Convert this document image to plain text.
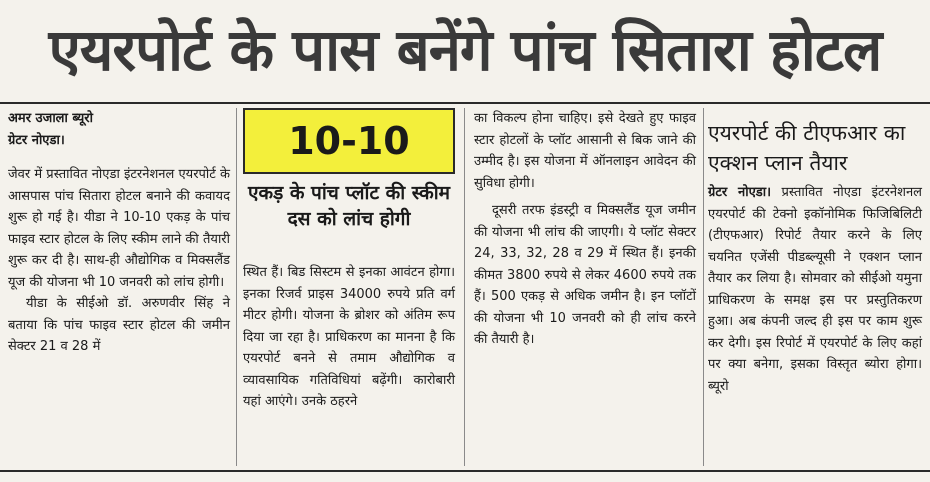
एयरपोर्ट के पास बनेंगे पांच सितारा होटल
अमर उजाला ब्यूरो
ग्रेटर नोएडा।

जेवर में प्रस्तावित नोएडा इंटरनेशनल एयरपोर्ट के आसपास पांच सितारा होटल बनाने की कवायद शुरू हो गई है। यीडा ने 10-10 एकड़ के पांच फाइव स्टार होटल के लिए स्कीम लाने की तैयारी शुरू कर दी है। साथ-ही औद्योगिक व मिक्सलैंड यूज की योजना भी 10 जनवरी को लांच होगी।

यीडा के सीईओ डॉ. अरुणवीर सिंह ने बताया कि पांच फाइव स्टार होटल की जमीन सेक्टर 21 व 28 में

10-10
एकड़ के पांच प्लॉट की स्कीम दस को लांच होगी

स्थित हैं। बिड सिस्टम से इनका आवंटन होगा। इनका रिजर्व प्राइस 34000 रुपये प्रति वर्ग मीटर होगी। योजना के ब्रोशर को अंतिम रूप दिया जा रहा है। प्राधिकरण का मानना है कि एयरपोर्ट बनने से तमाम औद्योगिक व व्यावसायिक गतिविधियां बढ़ेंगी। कारोबारी यहां आएंगे। उनके ठहरने

का विकल्प होना चाहिए। इसे देखते हुए फाइव स्टार होटलों के प्लॉट आसानी से बिक जाने की उम्मीद है। इस योजना में ऑनलाइन आवेदन की सुविधा होगी।

दूसरी तरफ इंडस्ट्री व मिक्सलैंड यूज जमीन की योजना भी लांच की जाएगी। ये प्लॉट सेक्टर 24, 33, 32, 28 व 29 में स्थित हैं। इनकी कीमत 3800 रुपये से लेकर 4600 रुपये तक हैं। 500 एकड़ से अधिक जमीन है। इन प्लॉटों की योजना भी 10 जनवरी को ही लांच करने की तैयारी है।

एयरपोर्ट की टीएफआर का एक्शन प्लान तैयार

ग्रेटर नोएडा। प्रस्तावित नोएडा इंटरनेशनल एयरपोर्ट की टेक्नो इकॉनोमिक फिजिबिलिटी (टीएफआर) रिपोर्ट तैयार करने के लिए चयनित एजेंसी पीडब्ल्यूसी ने एक्शन प्लान तैयार कर लिया है। सोमवार को सीईओ यमुना प्राधिकरण के समक्ष इस पर प्रस्तुतिकरण हुआ। अब कंपनी जल्द ही इस पर काम शुरू कर देगी। इस रिपोर्ट में एयरपोर्ट के लिए कहां पर क्या बनेगा, इसका विस्तृत ब्योरा होगा। ब्यूरो
